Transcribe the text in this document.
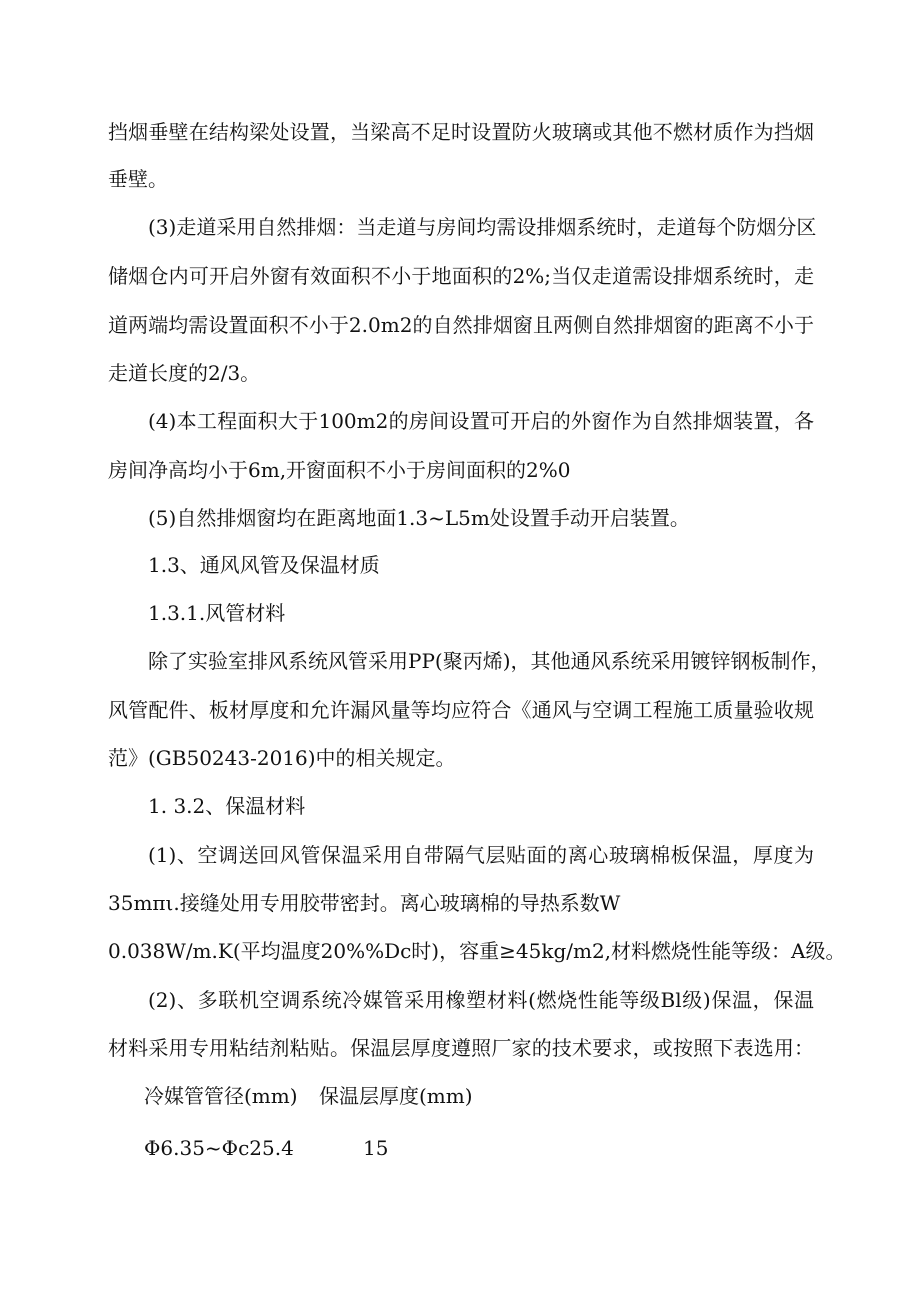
挡烟垂壁在结构梁处设置，当梁高不足时设置防火玻璃或其他不燃材质作为挡烟
垂壁。
(3)走道采用自然排烟：当走道与房间均需设排烟系统时，走道每个防烟分区
储烟仓内可开启外窗有效面积不小于地面积的2%;当仅走道需设排烟系统时，走
道两端均需设置面积不小于2.0m2的自然排烟窗且两侧自然排烟窗的距离不小于
走道长度的2/3。
(4)本工程面积大于100m2的房间设置可开启的外窗作为自然排烟装置，各
房间净高均小于6m,开窗面积不小于房间面积的2%0
(5)自然排烟窗均在距离地面1.3~L5m处设置手动开启装置。
1.3、通风风管及保温材质
1.3.1.风管材料
除了实验室排风系统风管采用PP(聚丙烯)，其他通风系统采用镀锌钢板制作，
风管配件、板材厚度和允许漏风量等均应符合《通风与空调工程施工质量验收规
范》(GB50243-2016)中的相关规定。
1. 3.2、保温材料
(1)、空调送回风管保温采用自带隔气层贴面的离心玻璃棉板保温，厚度为
35mπι.接缝处用专用胶带密封。离心玻璃棉的导热系数W
0.038W∕m.K(平均温度20%%Dc时)，容重≥45kg∕m2,材料燃烧性能等级：A级。
(2)、多联机空调系统冷媒管采用橡塑材料(燃烧性能等级Bl级)保温，保温
材料采用专用粘结剂粘贴。保温层厚度遵照厂家的技术要求，或按照下表选用：
冷媒管管径(mm) 保温层厚度(mm)
Φ6.35~Φc25.4	15
